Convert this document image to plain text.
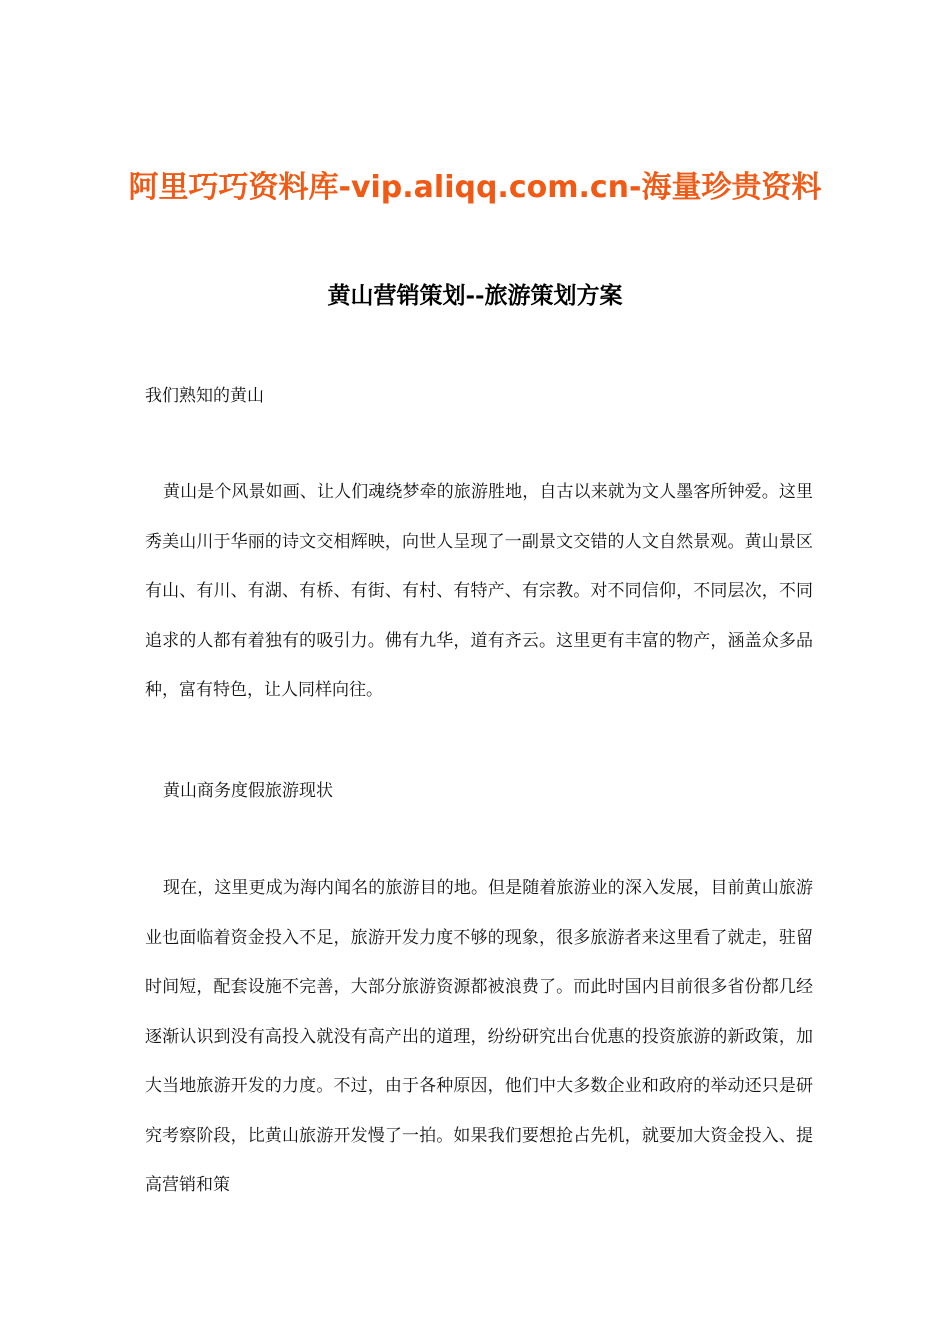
阿里巧巧资料库-vip.aliqq.com.cn-海量珍贵资料
黄山营销策划--旅游策划方案
我们熟知的黄山
黄山是个风景如画、让人们魂绕梦牵的旅游胜地，自古以来就为文人墨客所钟爱。这里秀美山川于华丽的诗文交相辉映，向世人呈现了一副景文交错的人文自然景观。黄山景区有山、有川、有湖、有桥、有街、有村、有特产、有宗教。对不同信仰，不同层次，不同追求的人都有着独有的吸引力。佛有九华，道有齐云。这里更有丰富的物产，涵盖众多品种，富有特色，让人同样向往。
黄山商务度假旅游现状
现在，这里更成为海内闻名的旅游目的地。但是随着旅游业的深入发展，目前黄山旅游业也面临着资金投入不足，旅游开发力度不够的现象，很多旅游者来这里看了就走，驻留时间短，配套设施不完善，大部分旅游资源都被浪费了。而此时国内目前很多省份都几经逐渐认识到没有高投入就没有高产出的道理，纷纷研究出台优惠的投资旅游的新政策，加大当地旅游开发的力度。不过，由于各种原因，他们中大多数企业和政府的举动还只是研究考察阶段，比黄山旅游开发慢了一拍。如果我们要想抢占先机，就要加大资金投入、提高营销和策
